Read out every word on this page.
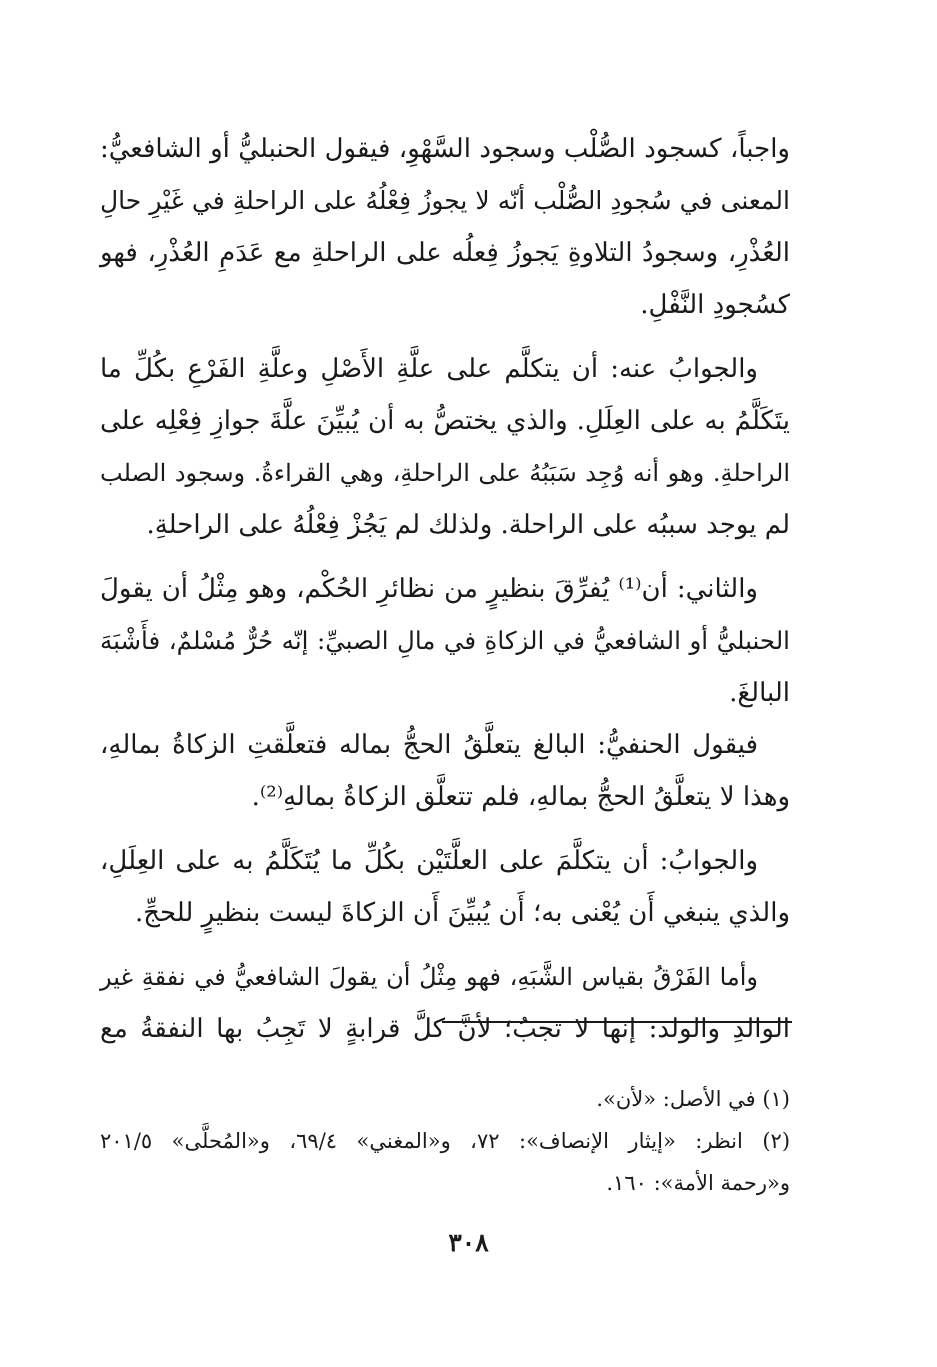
واجباً، كسجود الصُّلْب وسجود السَّهْوِ، فيقول الحنبليُّ أو الشافعيُّ:
المعنى في سُجودِ الصُّلْب أنّه لا يجوزُ فِعْلُهُ على الراحلةِ في غَيْرِ حالِ
العُذْرِ، وسجودُ التلاوةِ يَجوزُ فِعلُه على الراحلةِ مع عَدَمِ العُذْرِ، فهو
كسُجودِ النَّفْلِ.
والجوابُ عنه: أن يتكلَّم على علَّةِ الأَصْلِ وعلَّةِ الفَرْعِ بكُلِّ ما
يتَكَلَّمُ به على العِلَلِ. والذي يختصُّ به أن يُبيِّنَ علَّةَ جوازِ فِعْلِه على
الراحلةِ. وهو أنه وُجِد سَبَبُهُ على الراحلةِ، وهي القراءةُ. وسجود الصلب
لم يوجد سببُه على الراحلة. ولذلك لم يَجُزْ فِعْلُهُ على الراحلةِ.
والثاني: أن⁽¹⁾ يُفرِّقَ بنظيرٍ من نظائرِ الحُكْم، وهو مِثْلُ أن يقولَ
الحنبليُّ أو الشافعيُّ في الزكاةِ في مالِ الصبيِّ: إنّه حُرٌّ مُسْلمٌ، فأَشْبَهَ
البالغَ.
فيقول الحنفيُّ: البالغ يتعلَّقُ الحجُّ بماله فتعلَّقتِ الزكاةُ بمالهِ،
وهذا لا يتعلَّقُ الحجُّ بمالهِ، فلم تتعلَّق الزكاةُ بمالهِ⁽²⁾.
والجوابُ: أن يتكلَّمَ على العلَّتَيْن بكُلِّ ما يُتَكَلَّمُ به على العِلَلِ،
والذي ينبغي أَن يُعْنى به؛ أَن يُبيِّنَ أَن الزكاةَ ليست بنظيرٍ للحجِّ.
وأما الفَرْقُ بقياس الشَّبَهِ، فهو مِثْلُ أن يقولَ الشافعيُّ في نفقةِ غير
الوالدِ والولد: إنها لا تجبُ؛ لأنَّ كلَّ قرابةٍ لا تَجِبُ بها النفقةُ مع
(١) في الأصل: «لأن».
(٢) انظر: «إيثار الإنصاف»: ٧٢، و«المغني» ٦٩/٤، و«المُحلَّى» ٢٠١/٥
و«رحمة الأمة»: ١٦٠.
٣٠٨
